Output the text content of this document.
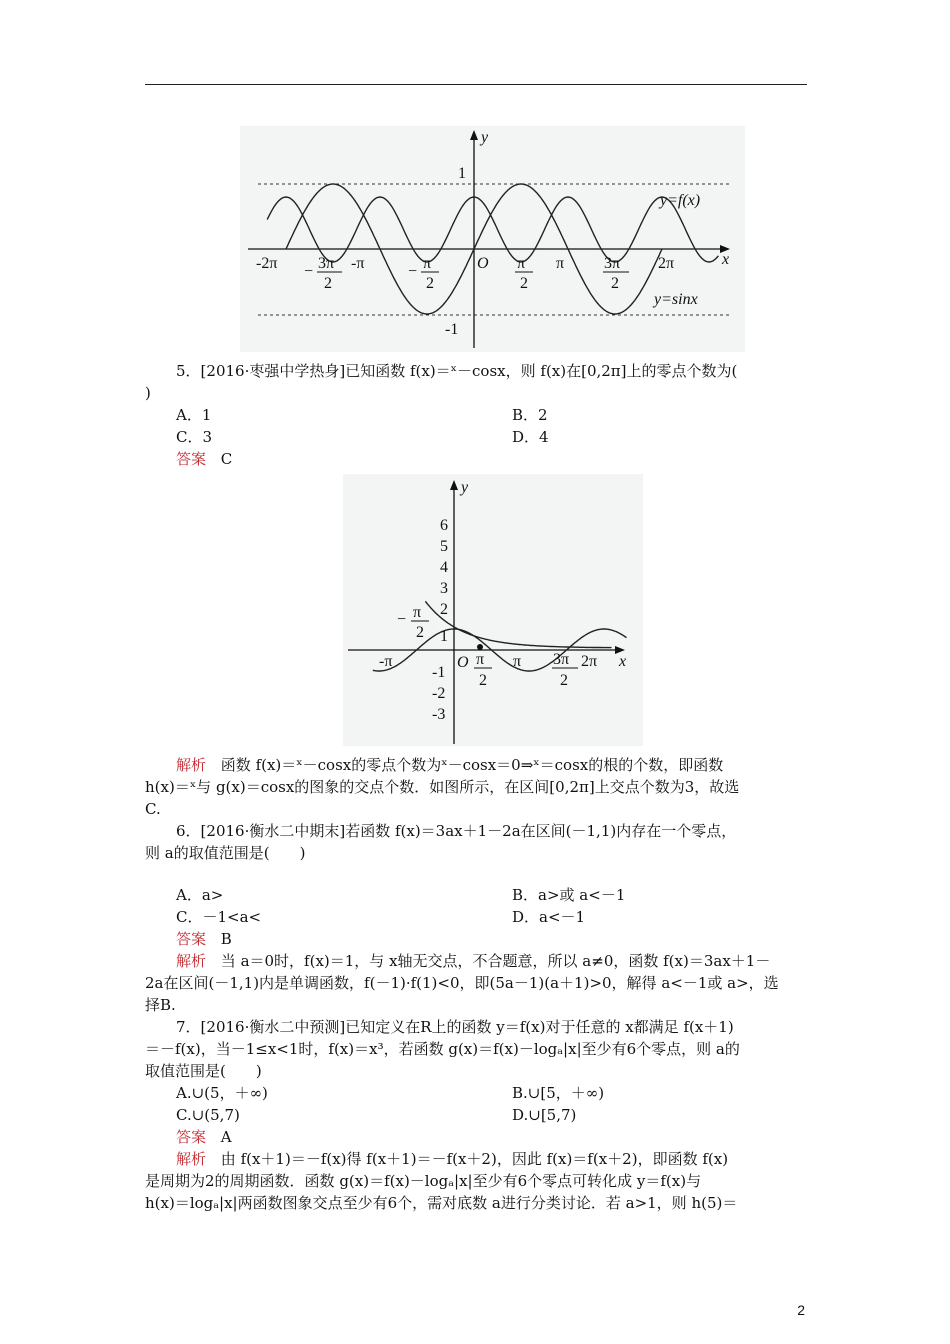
y
x
1
-1
O
-2π − 3π
2
-π	− π
2
π
2
π 3π
2
2π
y=f(x)
y=sinx
5．[2016·枣强中学热身]已知函数 f(x)＝ˣ－cosx，则 f(x)在[0,2π]上的零点个数为(
)
A．1	B．2
C．3	D．4
答案 C
y
x
O
6
5
4
3
2
1
-1
-2
-3
− π
2
-π	π
2
π 3π
2
2π
解析 函数 f(x)＝ˣ－cosx的零点个数为ˣ－cosx＝0⇒ˣ＝cosx的根的个数，即函数
h(x)＝ˣ与 g(x)＝cosx的图象的交点个数．如图所示，在区间[0,2π]上交点个数为3，故选
C.
6．[2016·衡水二中期末]若函数 f(x)＝3ax＋1－2a在区间(－1,1)内存在一个零点，
则 a的取值范围是(　　)
A．a>	B．a>或 a<－1
C．－1<a<	D．a<－1
答案 B
解析 当 a＝0时，f(x)＝1，与 x轴无交点，不合题意，所以 a≠0，函数 f(x)＝3ax＋1－
2a在区间(－1,1)内是单调函数，f(－1)·f(1)<0，即(5a－1)(a＋1)>0，解得 a<－1或 a>，选
择B.
7．[2016·衡水二中预测]已知定义在R上的函数 y＝f(x)对于任意的 x都满足 f(x＋1)
＝－f(x)，当－1≤x<1时，f(x)＝x³，若函数 g(x)＝f(x)－logₐ|x|至少有6个零点，则 a的
取值范围是(　　)
A.∪(5，＋∞)	B.∪[5，＋∞)
C.∪(5,7)	D.∪[5,7)
答案 A
解析 由 f(x＋1)＝－f(x)得 f(x＋1)＝－f(x＋2)，因此 f(x)＝f(x＋2)，即函数 f(x)
是周期为2的周期函数．函数 g(x)＝f(x)－logₐ|x|至少有6个零点可转化成 y＝f(x)与
h(x)＝logₐ|x|两函数图象交点至少有6个，需对底数 a进行分类讨论．若 a>1，则 h(5)＝
2
